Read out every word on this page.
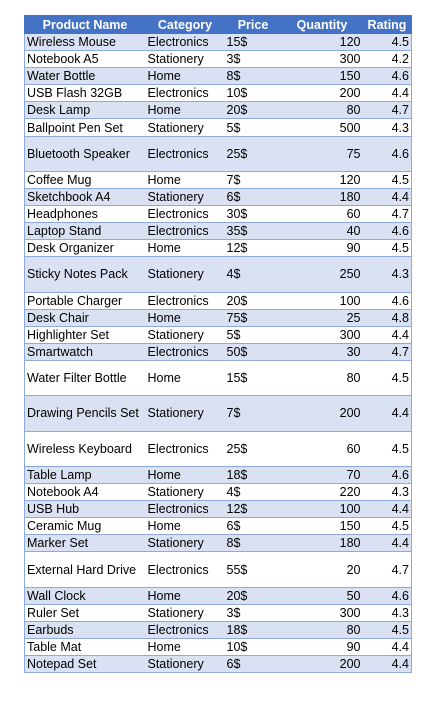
Product Name	Category	Price	Quantity	Rating
Wireless Mouse	Electronics	15$	120	4.5
Notebook A5	Stationery	3$	300	4.2
Water Bottle	Home	8$	150	4.6
USB Flash 32GB	Electronics	10$	200	4.4
Desk Lamp	Home	20$	80	4.7
Ballpoint Pen Set	Stationery	5$	500	4.3
Bluetooth Speaker	Electronics	25$	75	4.6
Coffee Mug	Home	7$	120	4.5
Sketchbook A4	Stationery	6$	180	4.4
Headphones	Electronics	30$	60	4.7
Laptop Stand	Electronics	35$	40	4.6
Desk Organizer	Home	12$	90	4.5
Sticky Notes Pack	Stationery	4$	250	4.3
Portable Charger	Electronics	20$	100	4.6
Desk Chair	Home	75$	25	4.8
Highlighter Set	Stationery	5$	300	4.4
Smartwatch	Electronics	50$	30	4.7
Water Filter Bottle	Home	15$	80	4.5
Drawing Pencils Set	Stationery	7$	200	4.4
Wireless Keyboard	Electronics	25$	60	4.5
Table Lamp	Home	18$	70	4.6
Notebook A4	Stationery	4$	220	4.3
USB Hub	Electronics	12$	100	4.4
Ceramic Mug	Home	6$	150	4.5
Marker Set	Stationery	8$	180	4.4
External Hard Drive	Electronics	55$	20	4.7
Wall Clock	Home	20$	50	4.6
Ruler Set	Stationery	3$	300	4.3
Earbuds	Electronics	18$	80	4.5
Table Mat	Home	10$	90	4.4
Notepad Set	Stationery	6$	200	4.4
